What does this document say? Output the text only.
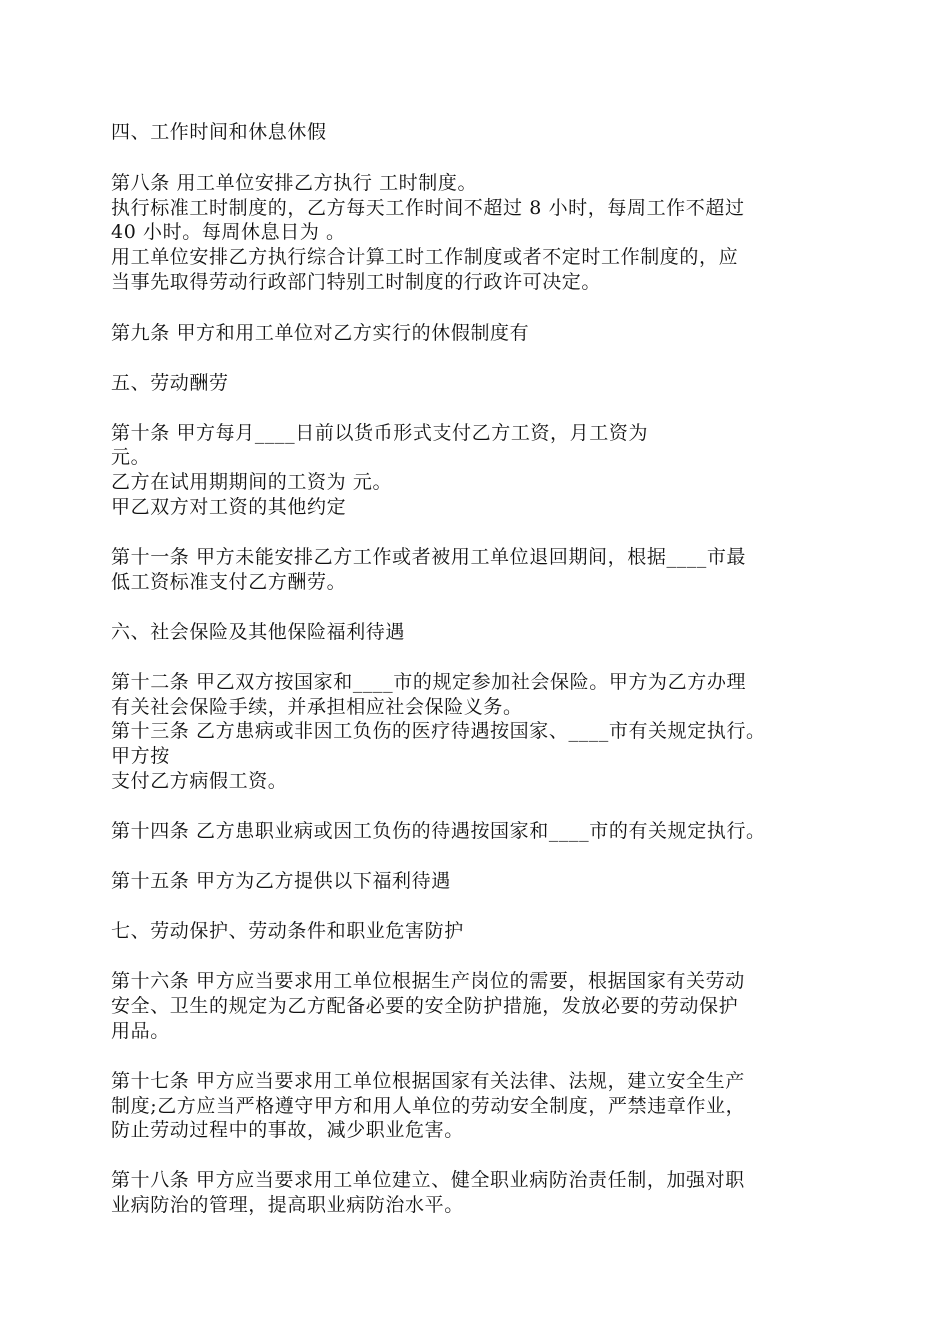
四、工作时间和休息休假
第八条 用工单位安排乙方执行 工时制度。
执行标准工时制度的，乙方每天工作时间不超过 8 小时，每周工作不超过
40 小时。每周休息日为 。
用工单位安排乙方执行综合计算工时工作制度或者不定时工作制度的，应
当事先取得劳动行政部门特别工时制度的行政许可决定。
第九条 甲方和用工单位对乙方实行的休假制度有
五、劳动酬劳
第十条 甲方每月____日前以货币形式支付乙方工资，月工资为
元。
乙方在试用期期间的工资为 元。
甲乙双方对工资的其他约定
第十一条 甲方未能安排乙方工作或者被用工单位退回期间，根据____市最
低工资标准支付乙方酬劳。
六、社会保险及其他保险福利待遇
第十二条 甲乙双方按国家和____市的规定参加社会保险。甲方为乙方办理
有关社会保险手续，并承担相应社会保险义务。
第十三条 乙方患病或非因工负伤的医疗待遇按国家、____市有关规定执行。
甲方按
支付乙方病假工资。
第十四条 乙方患职业病或因工负伤的待遇按国家和____市的有关规定执行。
第十五条 甲方为乙方提供以下福利待遇
七、劳动保护、劳动条件和职业危害防护
第十六条 甲方应当要求用工单位根据生产岗位的需要，根据国家有关劳动
安全、卫生的规定为乙方配备必要的安全防护措施，发放必要的劳动保护
用品。
第十七条 甲方应当要求用工单位根据国家有关法律、法规，建立安全生产
制度;乙方应当严格遵守甲方和用人单位的劳动安全制度，严禁违章作业，
防止劳动过程中的事故，减少职业危害。
第十八条 甲方应当要求用工单位建立、健全职业病防治责任制，加强对职
业病防治的管理，提高职业病防治水平。
